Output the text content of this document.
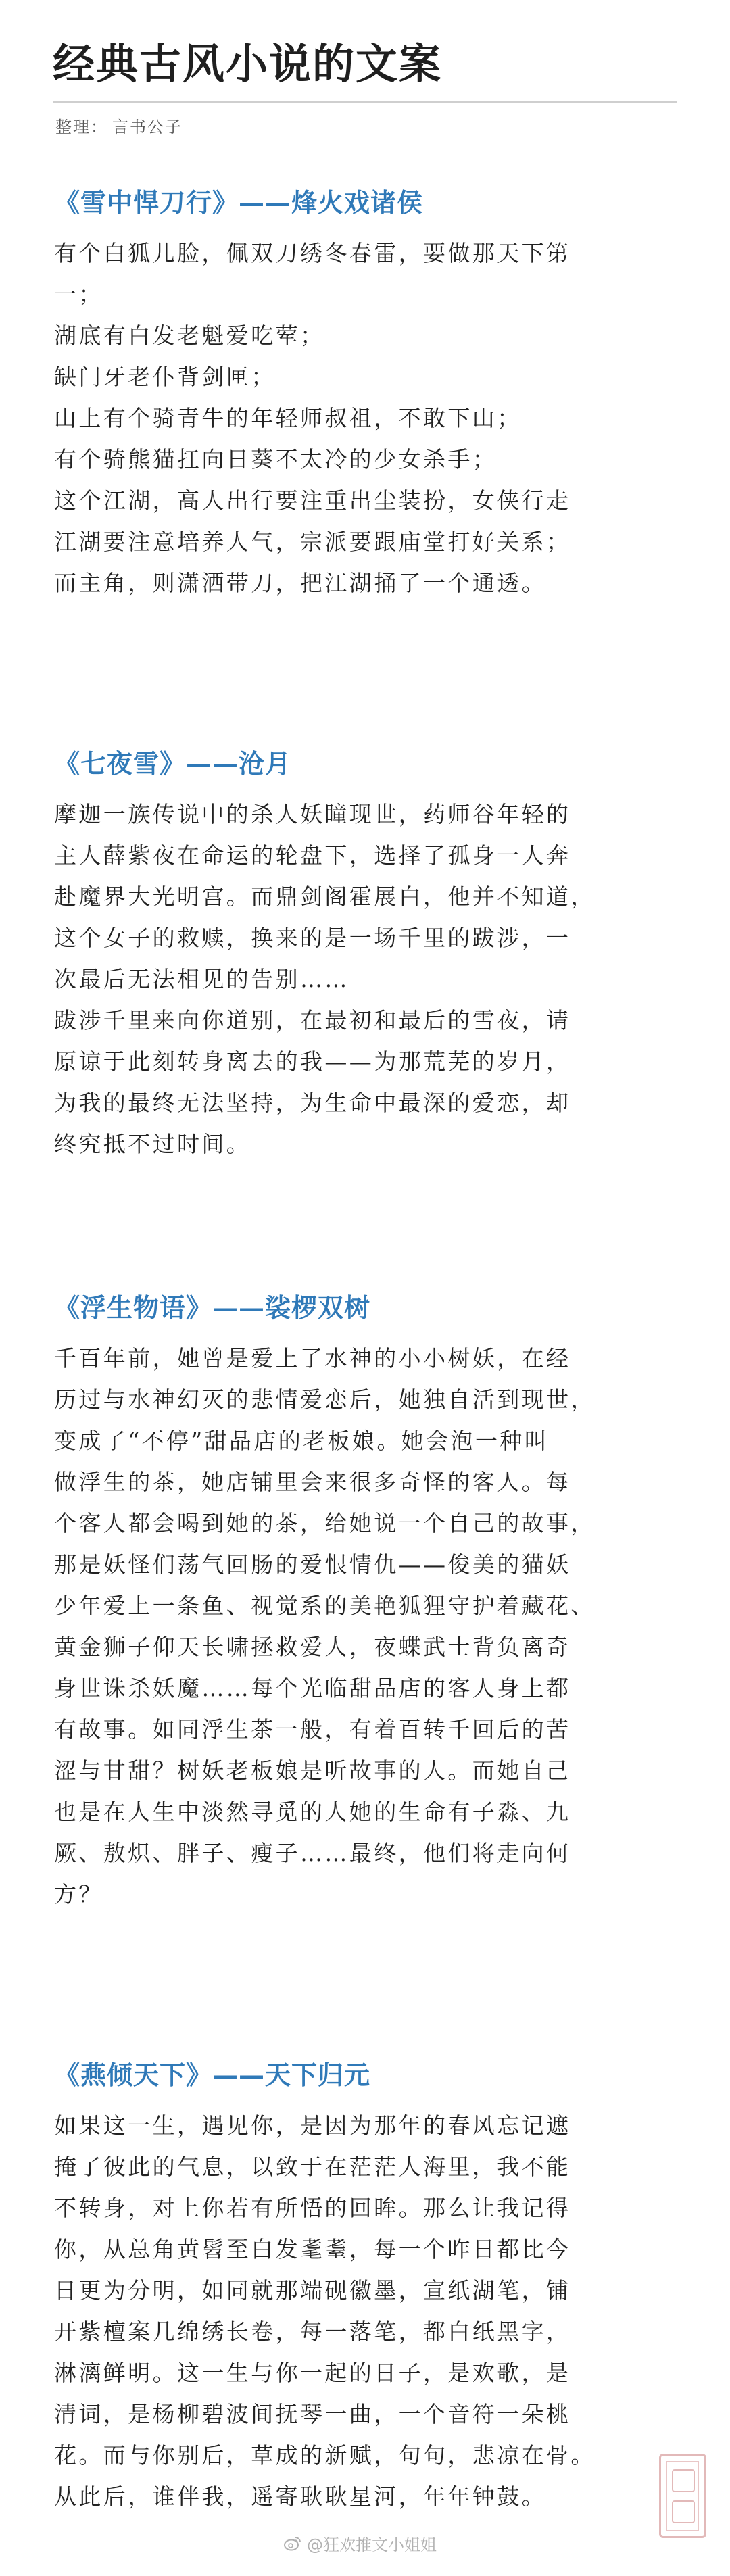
经典古风小说的文案
整理： 言书公子
《雪中悍刀行》——烽火戏诸侯

有个白狐儿脸，佩双刀绣冬春雷，要做那天下第
一；
湖底有白发老魁爱吃荤；
缺门牙老仆背剑匣；
山上有个骑青牛的年轻师叔祖，不敢下山；
有个骑熊猫扛向日葵不太冷的少女杀手；
这个江湖，高人出行要注重出尘装扮，女侠行走
江湖要注意培养人气，宗派要跟庙堂打好关系；
而主角，则潇洒带刀，把江湖捅了一个通透。

《七夜雪》——沧月

摩迦一族传说中的杀人妖瞳现世，药师谷年轻的
主人薛紫夜在命运的轮盘下，选择了孤身一人奔
赴魔界大光明宫。而鼎剑阁霍展白，他并不知道，
这个女子的救赎，换来的是一场千里的跋涉，一
次最后无法相见的告别……
跋涉千里来向你道别，在最初和最后的雪夜，请
原谅于此刻转身离去的我——为那荒芜的岁月，
为我的最终无法坚持，为生命中最深的爱恋，却
终究抵不过时间。

《浮生物语》——裟椤双树

千百年前，她曾是爱上了水神的小小树妖，在经
历过与水神幻灭的悲情爱恋后，她独自活到现世，
变成了“不停”甜品店的老板娘。她会泡一种叫
做浮生的茶，她店铺里会来很多奇怪的客人。每
个客人都会喝到她的茶，给她说一个自己的故事，
那是妖怪们荡气回肠的爱恨情仇——俊美的猫妖
少年爱上一条鱼、视觉系的美艳狐狸守护着藏花、
黄金狮子仰天长啸拯救爱人，夜蝶武士背负离奇
身世诛杀妖魔……每个光临甜品店的客人身上都
有故事。如同浮生茶一般，有着百转千回后的苦
涩与甘甜？树妖老板娘是听故事的人。而她自己
也是在人生中淡然寻觅的人她的生命有子淼、九
厥、敖炽、胖子、瘦子……最终，他们将走向何
方？

《燕倾天下》——天下归元

如果这一生，遇见你，是因为那年的春风忘记遮
掩了彼此的气息，以致于在茫茫人海里，我不能
不转身，对上你若有所悟的回眸。那么让我记得
你，从总角黄髫至白发耄耋，每一个昨日都比今
日更为分明，如同就那端砚徽墨，宣纸湖笔，铺
开紫檀案几绵绣长卷，每一落笔，都白纸黑字，
淋漓鲜明。这一生与你一起的日子，是欢歌，是
清词，是杨柳碧波间抚琴一曲，一个音符一朵桃
花。而与你别后，草成的新赋，句句，悲凉在骨。
从此后，谁伴我，遥寄耿耿星河，年年钟鼓。

@狂欢推文小姐姐
